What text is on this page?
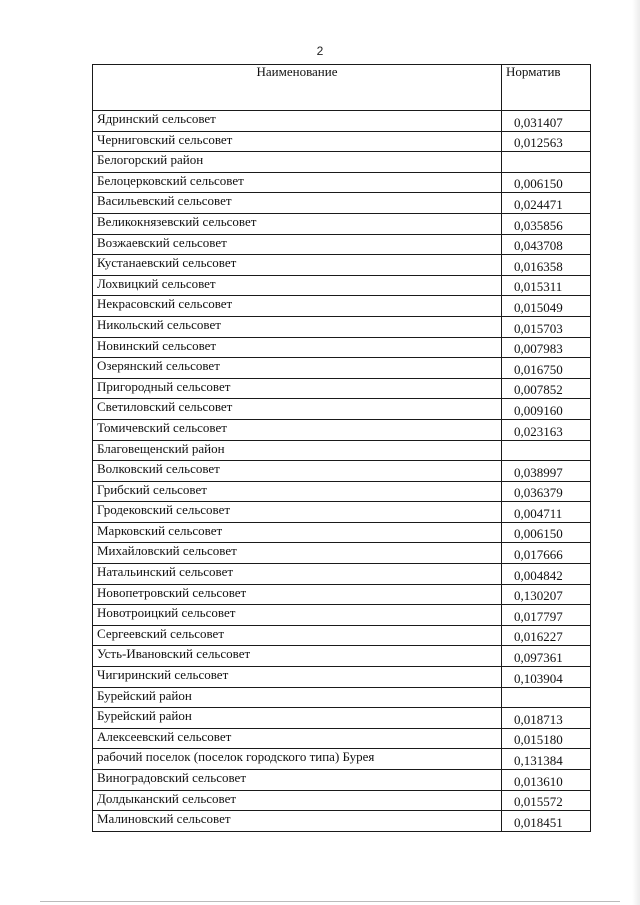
2
Наименование	Норматив
Ядринский сельсовет	0,031407
Черниговский сельсовет	0,012563
Белогорский район	
Белоцерковский сельсовет	0,006150
Васильевский сельсовет	0,024471
Великокнязевский сельсовет	0,035856
Возжаевский сельсовет	0,043708
Кустанаевский сельсовет	0,016358
Лохвицкий сельсовет	0,015311
Некрасовский сельсовет	0,015049
Никольский сельсовет	0,015703
Новинский сельсовет	0,007983
Озерянский сельсовет	0,016750
Пригородный сельсовет	0,007852
Светиловский сельсовет	0,009160
Томичевский сельсовет	0,023163
Благовещенский район	
Волковский сельсовет	0,038997
Грибский сельсовет	0,036379
Гродековский сельсовет	0,004711
Марковский сельсовет	0,006150
Михайловский сельсовет	0,017666
Натальинский сельсовет	0,004842
Новопетровский сельсовет	0,130207
Новотроицкий сельсовет	0,017797
Сергеевский сельсовет	0,016227
Усть-Ивановский сельсовет	0,097361
Чигиринский сельсовет	0,103904
Бурейский район	
Бурейский район	0,018713
Алексеевский сельсовет	0,015180
рабочий поселок (поселок городского типа) Бурея	0,131384
Виноградовский сельсовет	0,013610
Долдыканский сельсовет	0,015572
Малиновский сельсовет	0,018451
